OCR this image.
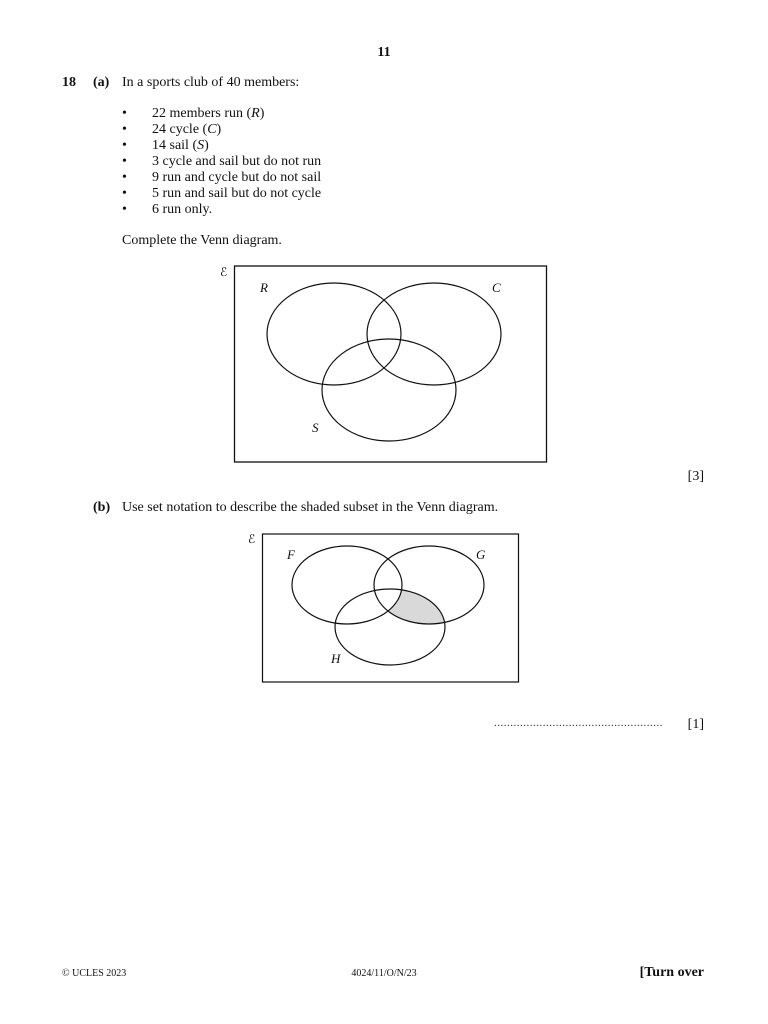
11
18 (a) In a sports club of 40 members:
• 22 members run (R)
• 24 cycle (C)
• 14 sail (S)
• 3 cycle and sail but do not run
• 9 run and cycle but do not sail
• 5 run and sail but do not cycle
• 6 run only.
Complete the Venn diagram.
ℰ
R	C
S
[3]
(b) Use set notation to describe the shaded subset in the Venn diagram.
ℰ
F	G
H
.................................................... [1]
© UCLES 2023	4024/11/O/N/23	[Turn over
